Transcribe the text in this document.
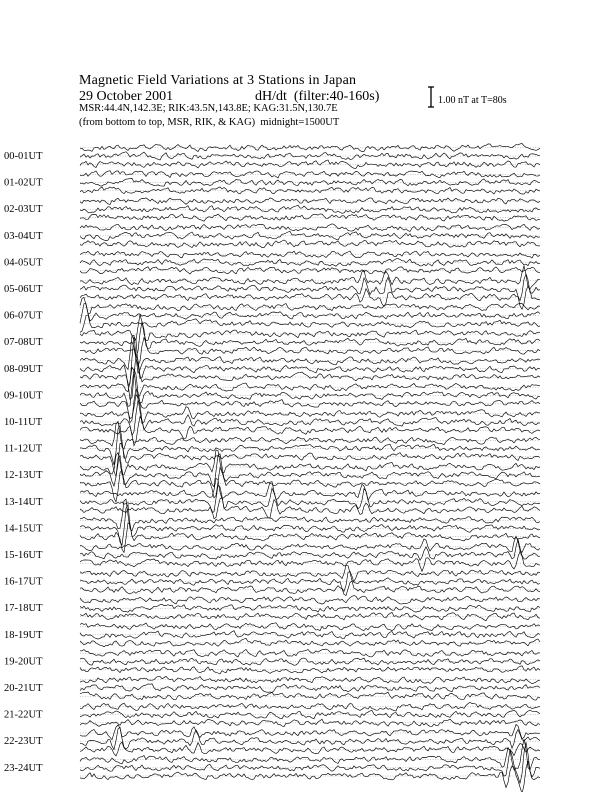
Magnetic Field Variations at 3 Stations in Japan
29 October 2001	dH/dt  (filter:40-160s)
MSR:44.4N,142.3E; RIK:43.5N,143.8E; KAG:31.5N,130.7E
(from bottom to top, MSR, RIK, & KAG)  midnight=1500UT
1.00 nT at T=80s
00-01UT
01-02UT
02-03UT
03-04UT
04-05UT
05-06UT
06-07UT
07-08UT
08-09UT
09-10UT
10-11UT
11-12UT
12-13UT
13-14UT
14-15UT
15-16UT
16-17UT
17-18UT
18-19UT
19-20UT
20-21UT
21-22UT
22-23UT
23-24UT
